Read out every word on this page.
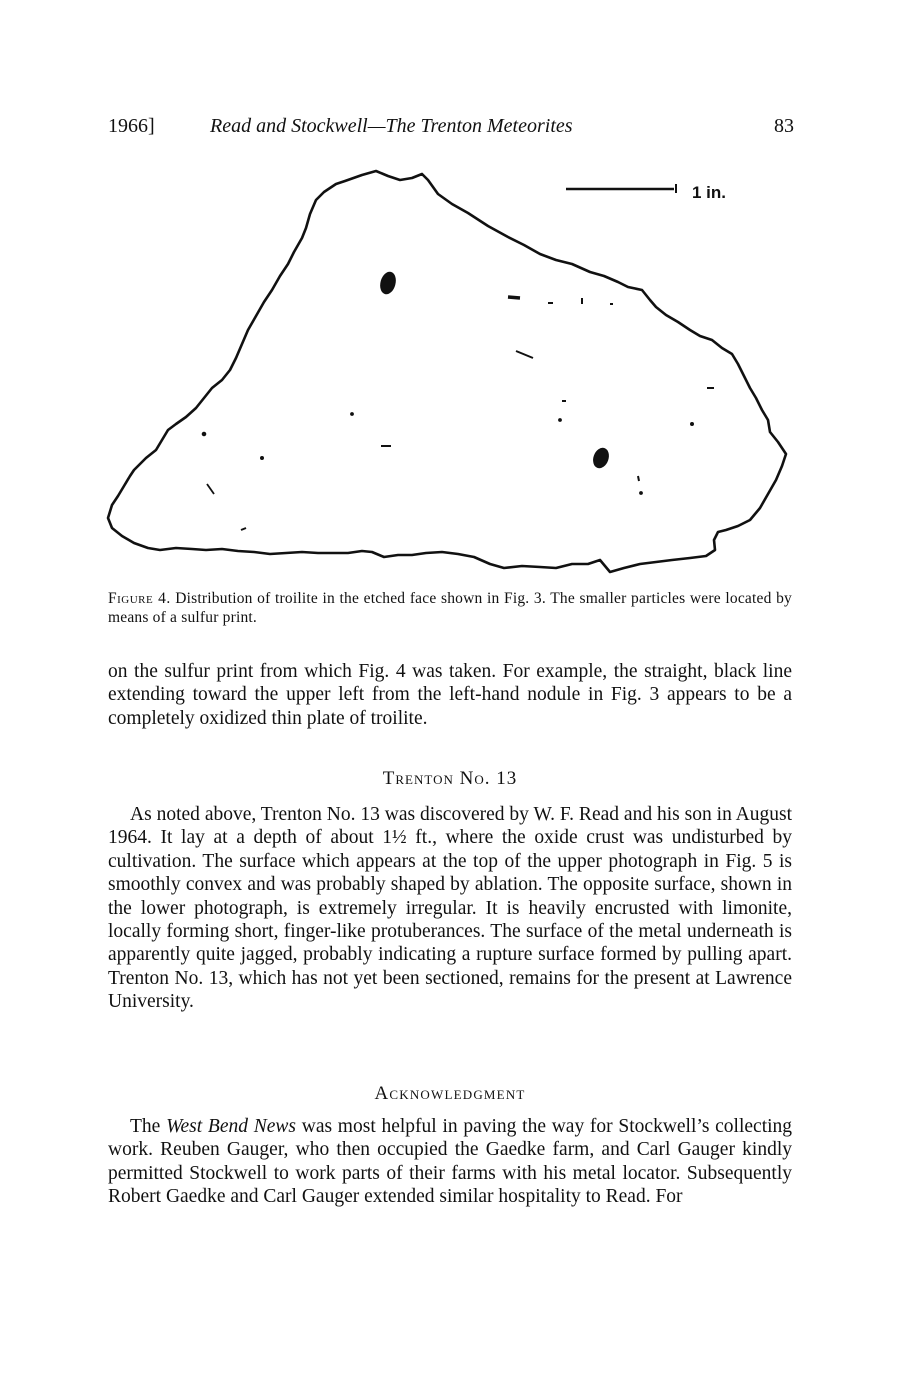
1966]	Read and Stockwell—The Trenton Meteorites	83
1 in.
Figure 4. Distribution of troilite in the etched face shown in Fig. 3. The smaller particles were located by means of a sulfur print.

on the sulfur print from which Fig. 4 was taken. For example, the straight, black line extending toward the upper left from the left-hand nodule in Fig. 3 appears to be a completely oxidized thin plate of troilite.

Trenton No. 13

As noted above, Trenton No. 13 was discovered by W. F. Read and his son in August 1964. It lay at a depth of about 1½ ft., where the oxide crust was undisturbed by cultivation. The surface which appears at the top of the upper photograph in Fig. 5 is smoothly convex and was probably shaped by ablation. The opposite surface, shown in the lower photograph, is extremely irregular. It is heavily encrusted with limonite, locally forming short, finger-like protuberances. The surface of the metal underneath is apparently quite jagged, probably indicating a rupture surface formed by pulling apart. Trenton No. 13, which has not yet been sectioned, remains for the present at Lawrence University.

Acknowledgment

The West Bend News was most helpful in paving the way for Stockwell’s collecting work. Reuben Gauger, who then occupied the Gaedke farm, and Carl Gauger kindly permitted Stockwell to work parts of their farms with his metal locator. Subsequently Robert Gaedke and Carl Gauger extended similar hospitality to Read. For
